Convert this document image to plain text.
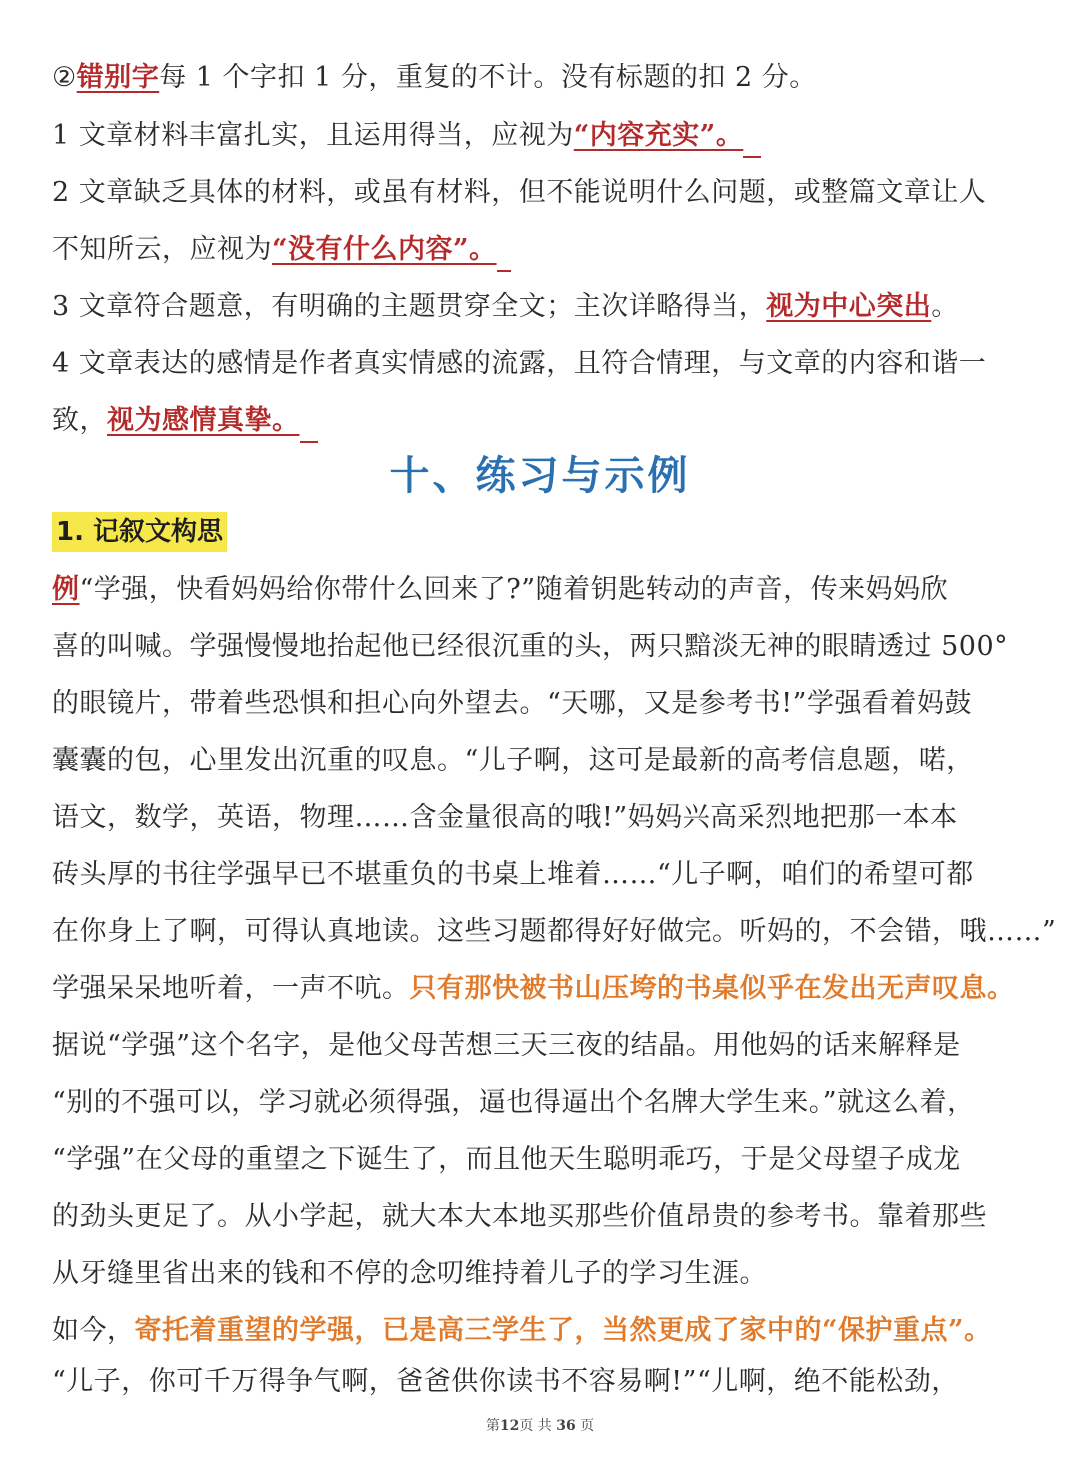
②错别字每 1 个字扣 1 分，重复的不计。没有标题的扣 2 分。
1 文章材料丰富扎实，且运用得当，应视为“内容充实”。
2 文章缺乏具体的材料，或虽有材料，但不能说明什么问题，或整篇文章让人
不知所云，应视为“没有什么内容”。
3 文章符合题意，有明确的主题贯穿全文；主次详略得当，视为中心突出。
4 文章表达的感情是作者真实情感的流露，且符合情理，与文章的内容和谐一
致，视为感情真挚。
十、练习与示例
1. 记叙文构思
例“学强，快看妈妈给你带什么回来了?”随着钥匙转动的声音，传来妈妈欣
喜的叫喊。学强慢慢地抬起他已经很沉重的头，两只黯淡无神的眼睛透过 500°
的眼镜片，带着些恐惧和担心向外望去。“天哪，又是参考书!”学强看着妈鼓
囊囊的包，心里发出沉重的叹息。“儿子啊，这可是最新的高考信息题，喏，
语文，数学，英语，物理……含金量很高的哦!”妈妈兴高采烈地把那一本本
砖头厚的书往学强早已不堪重负的书桌上堆着……“儿子啊，咱们的希望可都
在你身上了啊，可得认真地读。这些习题都得好好做完。听妈的，不会错，哦……”
学强呆呆地听着，一声不吭。只有那快被书山压垮的书桌似乎在发出无声叹息。
据说“学强”这个名字，是他父母苦想三天三夜的结晶。用他妈的话来解释是
“别的不强可以，学习就必须得强，逼也得逼出个名牌大学生来。”就这么着，
“学强”在父母的重望之下诞生了，而且他天生聪明乖巧，于是父母望子成龙
的劲头更足了。从小学起，就大本大本地买那些价值昂贵的参考书。靠着那些
从牙缝里省出来的钱和不停的念叨维持着儿子的学习生涯。
如今，寄托着重望的学强，已是高三学生了，当然更成了家中的“保护重点”。
“儿子，你可千万得争气啊，爸爸供你读书不容易啊!”“儿啊，绝不能松劲，
第12页 共 36 页
